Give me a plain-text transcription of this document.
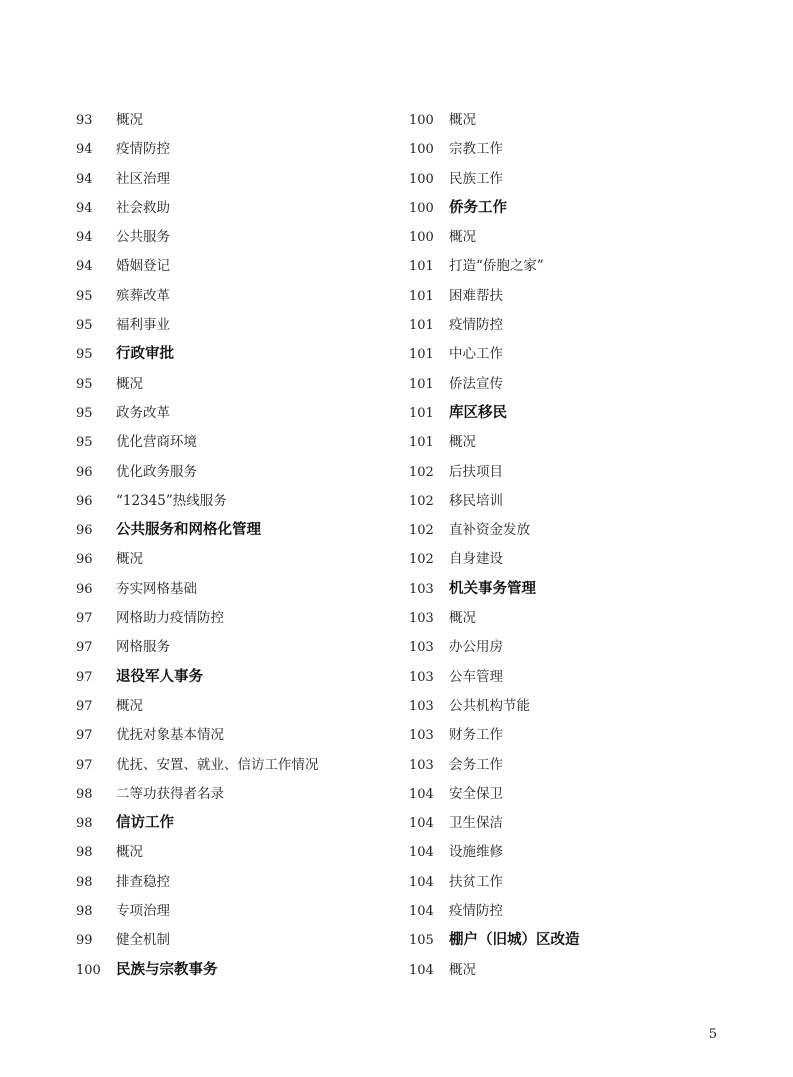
93	概况
94	疫情防控
94	社区治理
94	社会救助
94	公共服务
94	婚姻登记
95	殡葬改革
95	福利事业
95	行政审批
95	概况
95	政务改革
95	优化营商环境
96	优化政务服务
96	“12345”热线服务
96	公共服务和网格化管理
96	概况
96	夯实网格基础
97	网格助力疫情防控
97	网格服务
97	退役军人事务
97	概况
97	优抚对象基本情况
97	优抚、安置、就业、信访工作情况
98	二等功获得者名录
98	信访工作
98	概况
98	排查稳控
98	专项治理
99	健全机制
100	民族与宗教事务
100	概况
100	宗教工作
100	民族工作
100	侨务工作
100	概况
101	打造“侨胞之家”
101	困难帮扶
101	疫情防控
101	中心工作
101	侨法宣传
101	库区移民
101	概况
102	后扶项目
102	移民培训
102	直补资金发放
102	自身建设
103	机关事务管理
103	概况
103	办公用房
103	公车管理
103	公共机构节能
103	财务工作
103	会务工作
104	安全保卫
104	卫生保洁
104	设施维修
104	扶贫工作
104	疫情防控
105	棚户（旧城）区改造
104	概况
5
